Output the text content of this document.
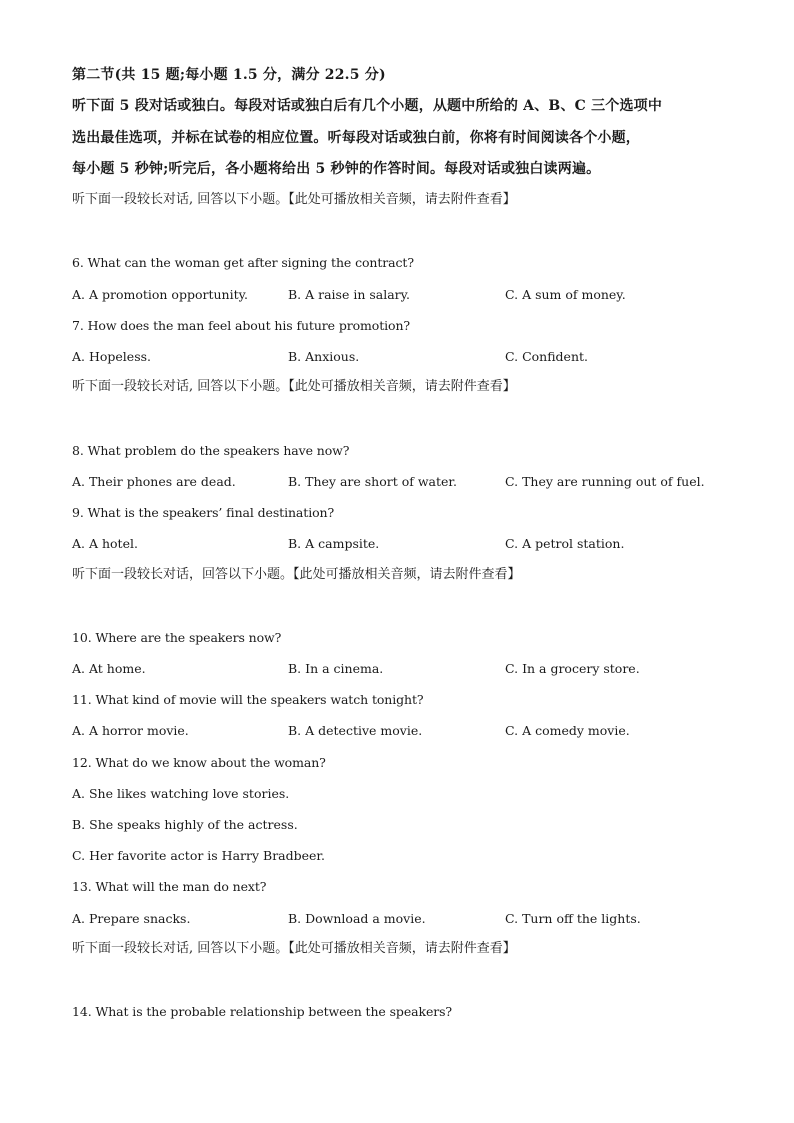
第二节(共 15 题;每小题 1.5 分，满分 22.5 分)
听下面 5 段对话或独白。每段对话或独白后有几个小题，从题中所给的 A、B、C 三个选项中
选出最佳选项，并标在试卷的相应位置。听每段对话或独白前，你将有时间阅读各个小题，
每小题 5 秒钟;听完后，各小题将给出 5 秒钟的作答时间。每段对话或独白读两遍。
听下面一段较长对话, 回答以下小题。【此处可播放相关音频，请去附件查看】
6. What can the woman get after signing the contract?
A. A promotion opportunity.	B. A raise in salary.	C. A sum of money.
7. How does the man feel about his future promotion?
A. Hopeless.	B. Anxious.	C. Confident.
听下面一段较长对话, 回答以下小题。【此处可播放相关音频，请去附件查看】
8. What problem do the speakers have now?
A. Their phones are dead.	B. They are short of water.	C. They are running out of fuel.
9. What is the speakers’ final destination?
A. A hotel.	B. A campsite.	C. A petrol station.
听下面一段较长对话，回答以下小题。【此处可播放相关音频，请去附件查看】
10. Where are the speakers now?
A. At home.	B. In a cinema.	C. In a grocery store.
11. What kind of movie will the speakers watch tonight?
A. A horror movie.	B. A detective movie.	C. A comedy movie.
12. What do we know about the woman?
A. She likes watching love stories.
B. She speaks highly of the actress.
C. Her favorite actor is Harry Bradbeer.
13. What will the man do next?
A. Prepare snacks.	B. Download a movie.	C. Turn off the lights.
听下面一段较长对话, 回答以下小题。【此处可播放相关音频，请去附件查看】
14. What is the probable relationship between the speakers?
